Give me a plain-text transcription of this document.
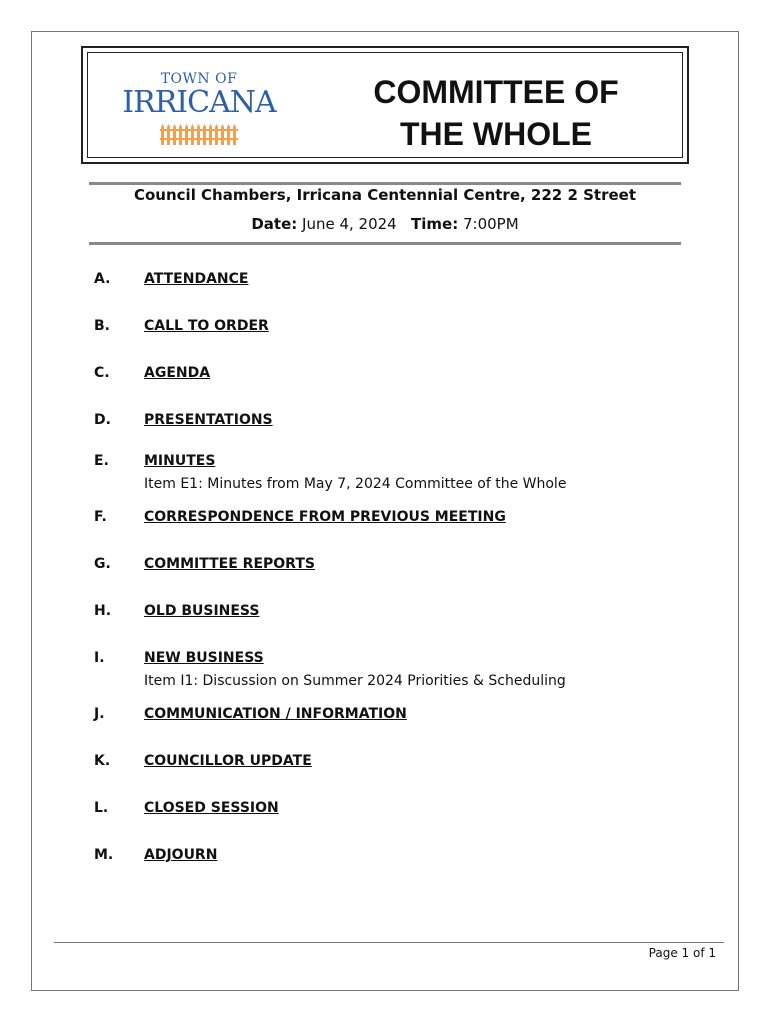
TOWN OF
IRRICANA	COMMITTEE OF
THE WHOLE
Council Chambers, Irricana Centennial Centre, 222 2 Street
Date: June 4, 2024 Time: 7:00PM
A.	ATTENDANCE
B.	CALL TO ORDER
C.	AGENDA
D.	PRESENTATIONS
E.	MINUTES
Item E1: Minutes from May 7, 2024 Committee of the Whole
F.	CORRESPONDENCE FROM PREVIOUS MEETING
G.	COMMITTEE REPORTS
H.	OLD BUSINESS
I.	NEW BUSINESS
Item I1: Discussion on Summer 2024 Priorities & Scheduling
J.	COMMUNICATION / INFORMATION
K.	COUNCILLOR UPDATE
L.	CLOSED SESSION
M.	ADJOURN
Page 1 of 1
